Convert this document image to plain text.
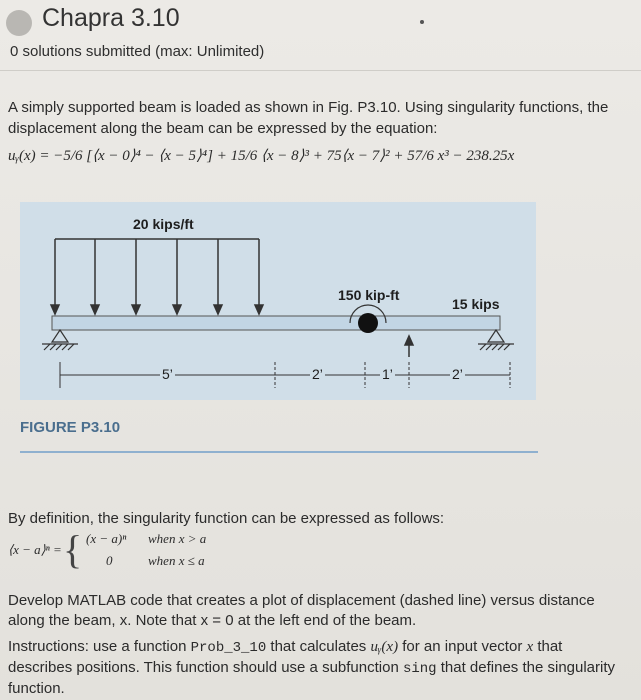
Chapra 3.10
0 solutions submitted (max: Unlimited)
A simply supported beam is loaded as shown in Fig. P3.10. Using singularity functions, the displacement along the beam can be expressed by the equation:
uᵧ(x) = −5/6 [⟨x − 0⟩⁴ − ⟨x − 5⟩⁴] + 15/6 ⟨x − 8⟩³ + 75⟨x − 7⟩² + 57/6 x³ − 238.25x
20 kips/ft
150 kip-ft
15 kips
5’	2’	1’	2’
FIGURE P3.10
By definition, the singularity function can be expressed as follows:
⟨x − a⟩ⁿ = { (x − a)ⁿ when x > a
0	when x ≤ a
Develop MATLAB code that creates a plot of displacement (dashed line) versus distance along the beam, x. Note that x = 0 at the left end of the beam.
Instructions: use a function Prob_3_10 that calculates uᵧ(x) for an input vector x that describes positions. This function should use a subfunction sing that defines the singularity function.
